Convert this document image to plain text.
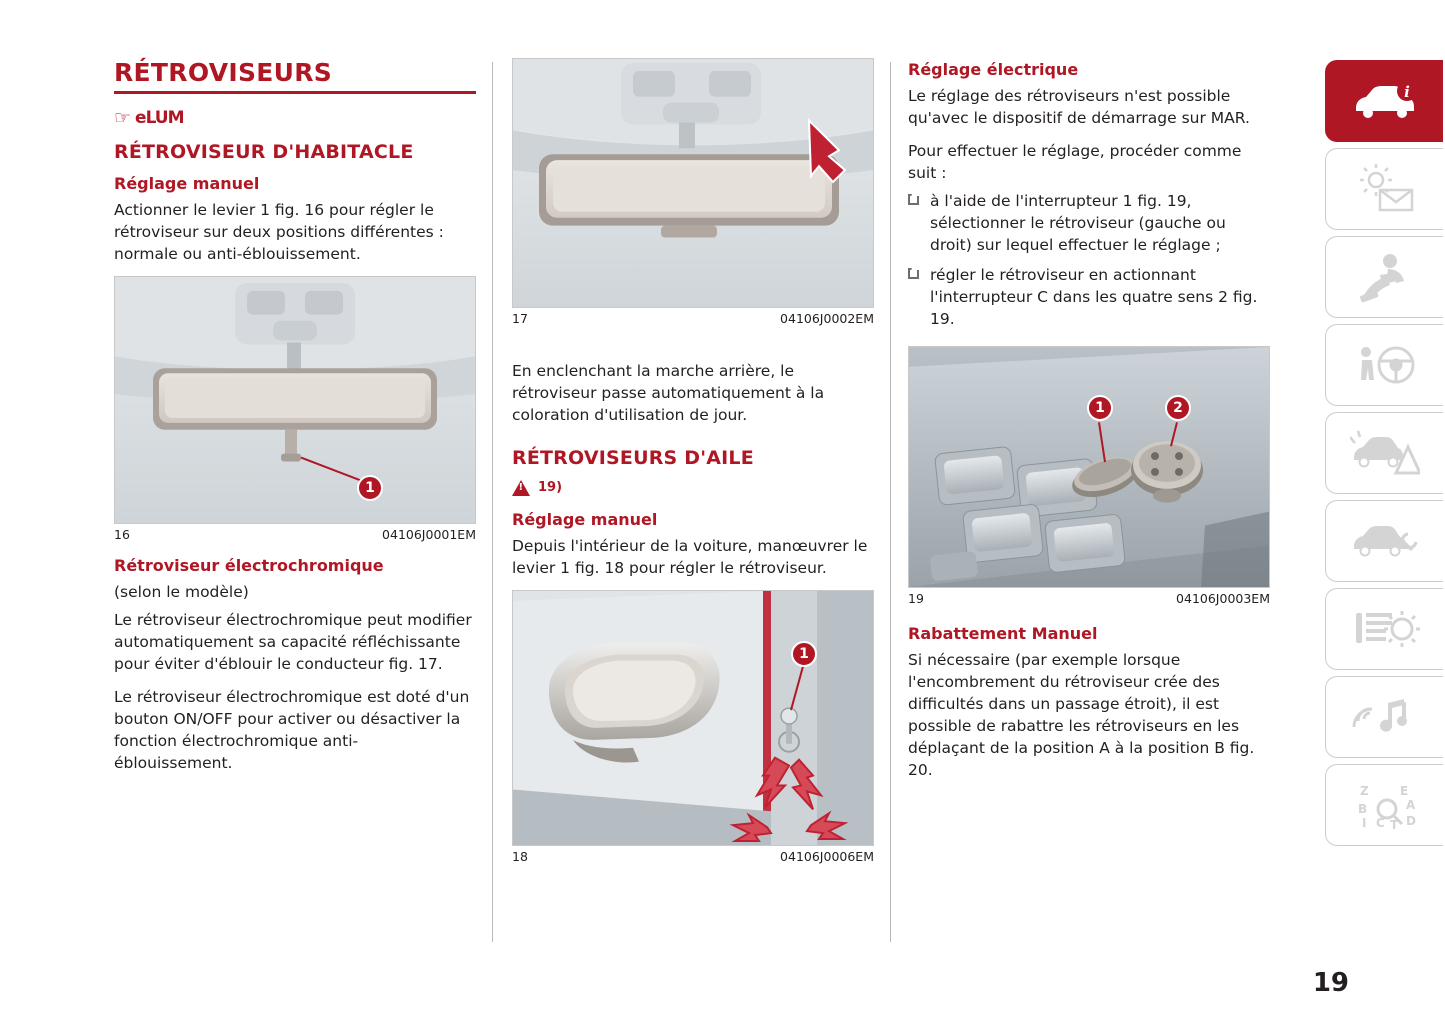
RÉTROVISEURS
☞ eLUM
RÉTROVISEUR D'HABITACLE
Réglage manuel

Actionner le levier 1 fig. 16 pour régler le rétroviseur sur deux positions différentes : normale ou anti-éblouissement.

1
16	04106J0001EM
Rétroviseur électrochromique

(selon le modèle)

Le rétroviseur électrochromique peut modifier automatiquement sa capacité réfléchissante pour éviter d'éblouir le conducteur fig. 17.

Le rétroviseur électrochromique est doté d'un bouton ON/OFF pour activer ou désactiver la fonction électrochromique anti-éblouissement.

17	04106J0002EM

En enclenchant la marche arrière, le rétroviseur passe automatiquement à la coloration d'utilisation de jour.

RÉTROVISEURS D'AILE
!
19)
Réglage manuel

Depuis l'intérieur de la voiture, manœuvrer le levier 1 fig. 18 pour régler le rétroviseur.

1
18	04106J0006EM
Réglage électrique

Le réglage des rétroviseurs n'est possible qu'avec le dispositif de démarrage sur MAR.

Pour effectuer le réglage, procéder comme suit :

à l'aide de l'interrupteur 1 fig. 19, sélectionner le rétroviseur (gauche ou droit) sur lequel effectuer le réglage ;
régler le rétroviseur en actionnant l'interrupteur C dans les quatre sens 2 fig. 19.
1	2
19	04106J0003EM
Rabattement Manuel

Si nécessaire (par exemple lorsque l'encombrement du rétroviseur crée des difficultés dans un passage étroit), il est possible de rabattre les rétroviseurs en les déplaçant de la position A à la position B fig. 20.

i
Z	E
B	A
I C T D
19
